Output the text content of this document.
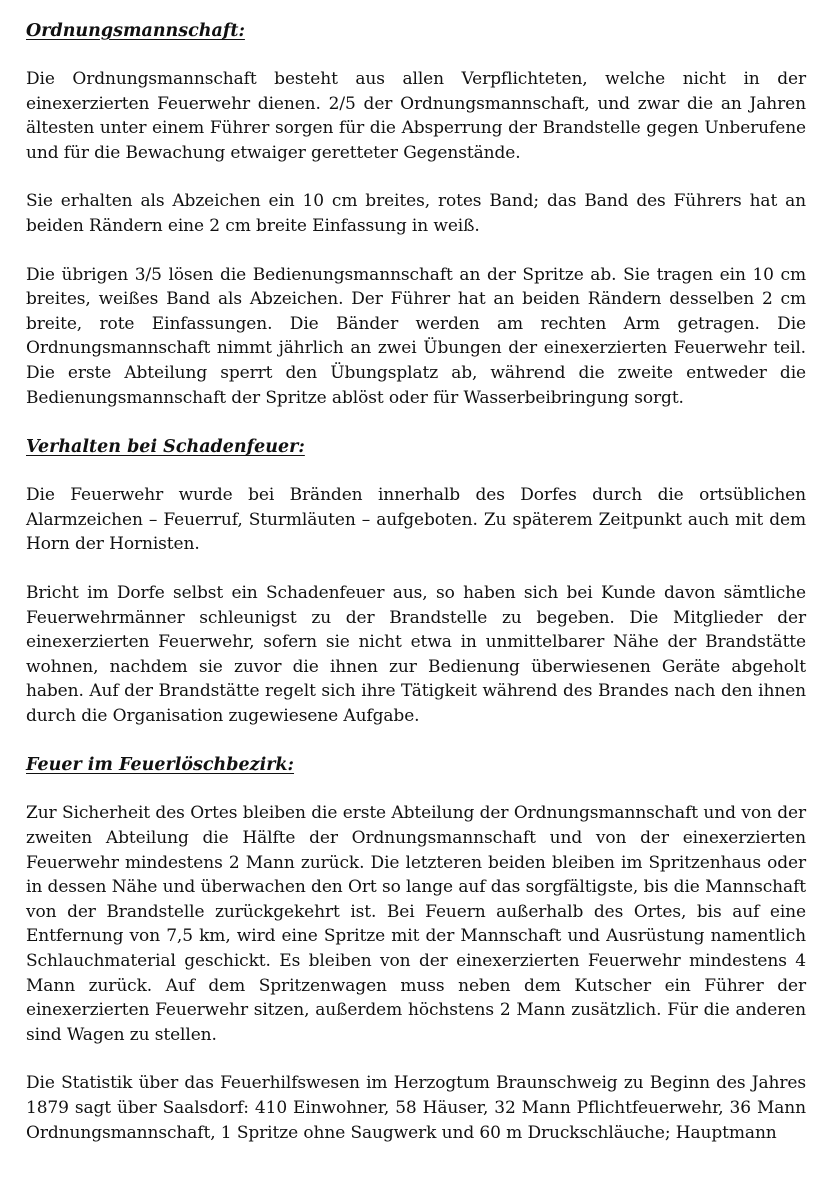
Ordnungsmannschaft:

Die Ordnungsmannschaft besteht aus allen Verpflichteten, welche nicht in der einexerzierten Feuerwehr dienen. 2/5 der Ordnungsmannschaft, und zwar die an Jahren ältesten unter einem Führer sorgen für die Absperrung der Brandstelle gegen Unberufene und für die Bewachung etwaiger geretteter Gegenstände.

Sie erhalten als Abzeichen ein 10 cm breites, rotes Band; das Band des Führers hat an beiden Rändern eine 2 cm breite Einfassung in weiß.

Die übrigen 3/5 lösen die Bedienungsmannschaft an der Spritze ab. Sie tragen ein 10 cm breites, weißes Band als Abzeichen. Der Führer hat an beiden Rändern desselben 2 cm breite, rote Einfassungen. Die Bänder werden am rechten Arm getragen. Die Ordnungsmannschaft nimmt jährlich an zwei Übungen der einexerzierten Feuerwehr teil. Die erste Abteilung sperrt den Übungsplatz ab, während die zweite entweder die Bedienungsmannschaft der Spritze ablöst oder für Wasserbeibringung sorgt.

Verhalten bei Schadenfeuer:

Die Feuerwehr wurde bei Bränden innerhalb des Dorfes durch die ortsüblichen Alarmzeichen – Feuerruf, Sturmläuten – aufgeboten. Zu späterem Zeitpunkt auch mit dem Horn der Hornisten.

Bricht im Dorfe selbst ein Schadenfeuer aus, so haben sich bei Kunde davon sämtliche Feuerwehrmänner schleunigst zu der Brandstelle zu begeben. Die Mitglieder der einexerzierten Feuerwehr, sofern sie nicht etwa in unmittelbarer Nähe der Brandstätte wohnen, nachdem sie zuvor die ihnen zur Bedienung überwiesenen Geräte abgeholt haben. Auf der Brandstätte regelt sich ihre Tätigkeit während des Brandes nach den ihnen durch die Organisation zugewiesene Aufgabe.

Feuer im Feuerlöschbezirk:

Zur Sicherheit des Ortes bleiben die erste Abteilung der Ordnungsmannschaft und von der zweiten Abteilung die Hälfte der Ordnungsmannschaft und von der einexerzierten Feuerwehr mindestens 2 Mann zurück. Die letzteren beiden bleiben im Spritzenhaus oder in dessen Nähe und überwachen den Ort so lange auf das sorgfältigste, bis die Mannschaft von der Brandstelle zurückgekehrt ist. Bei Feuern außerhalb des Ortes, bis auf eine Entfernung von 7,5 km, wird eine Spritze mit der Mannschaft und Ausrüstung namentlich Schlauchmaterial geschickt. Es bleiben von der einexerzierten Feuerwehr mindestens 4 Mann zurück. Auf dem Spritzenwagen muss neben dem Kutscher ein Führer der einexerzierten Feuerwehr sitzen, außerdem höchstens 2 Mann zusätzlich. Für die anderen sind Wagen zu stellen.

Die Statistik über das Feuerhilfswesen im Herzogtum Braunschweig zu Beginn des Jahres 1879 sagt über Saalsdorf: 410 Einwohner, 58 Häuser, 32 Mann Pflichtfeuerwehr, 36 Mann Ordnungsmannschaft, 1 Spritze ohne Saugwerk und 60 m Druckschläuche; Hauptmann
